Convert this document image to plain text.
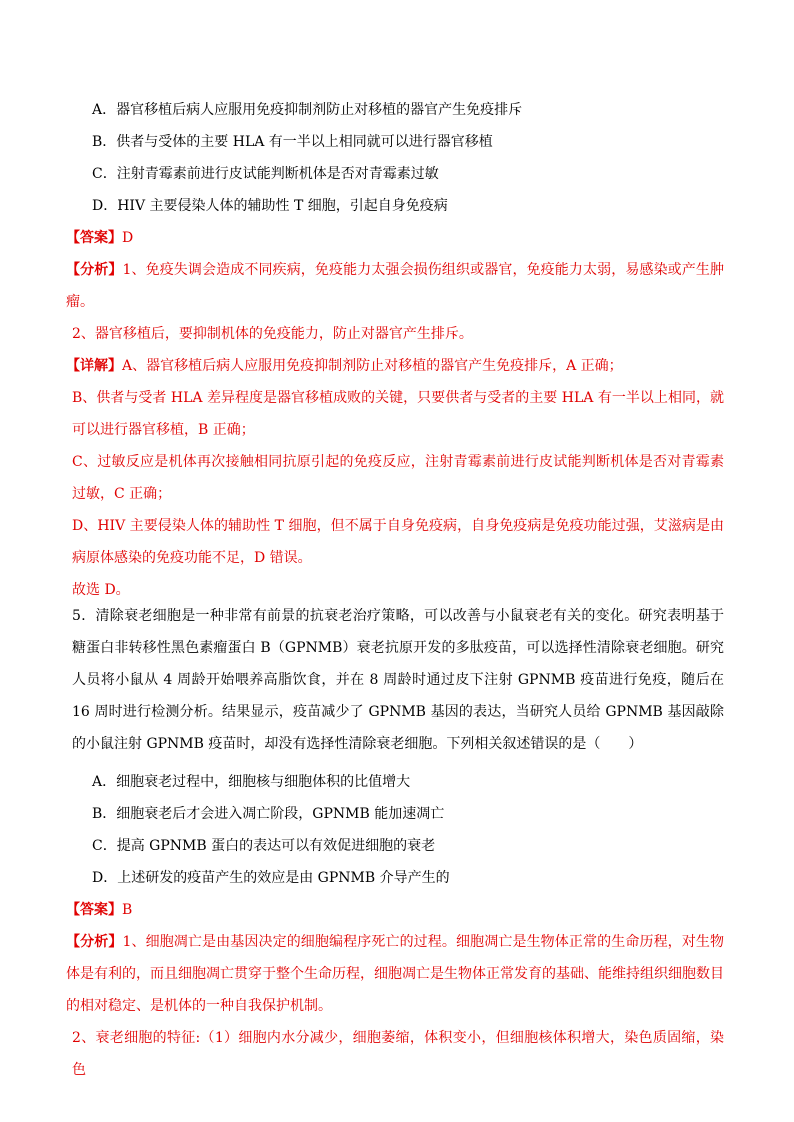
A．器官移植后病人应服用免疫抑制剂防止对移植的器官产生免疫排斥
B．供者与受体的主要 HLA 有一半以上相同就可以进行器官移植
C．注射青霉素前进行皮试能判断机体是否对青霉素过敏
D．HIV 主要侵染人体的辅助性 T 细胞，引起自身免疫病
【答案】D
【分析】1、免疫失调会造成不同疾病，免疫能力太强会损伤组织或器官，免疫能力太弱，易感染或产生肿瘤。
2、器官移植后，要抑制机体的免疫能力，防止对器官产生排斥。
【详解】A、器官移植后病人应服用免疫抑制剂防止对移植的器官产生免疫排斥，A 正确；
B、供者与受者 HLA 差异程度是器官移植成败的关键，只要供者与受者的主要 HLA 有一半以上相同，就可以进行器官移植，B 正确；
C、过敏反应是机体再次接触相同抗原引起的免疫反应，注射青霉素前进行皮试能判断机体是否对青霉素过敏，C 正确；
D、HIV 主要侵染人体的辅助性 T 细胞，但不属于自身免疫病，自身免疫病是免疫功能过强，艾滋病是由病原体感染的免疫功能不足，D 错误。
故选 D。
5．清除衰老细胞是一种非常有前景的抗衰老治疗策略，可以改善与小鼠衰老有关的变化。研究表明基于糖蛋白非转移性黑色素瘤蛋白 B（GPNMB）衰老抗原开发的多肽疫苗，可以选择性清除衰老细胞。研究人员将小鼠从 4 周龄开始喂养高脂饮食，并在 8 周龄时通过皮下注射 GPNMB 疫苗进行免疫，随后在 16 周时进行检测分析。结果显示，疫苗减少了 GPNMB 基因的表达，当研究人员给 GPNMB 基因敲除的小鼠注射 GPNMB 疫苗时，却没有选择性清除衰老细胞。下列相关叙述错误的是（　　）
A．细胞衰老过程中，细胞核与细胞体积的比值增大
B．细胞衰老后才会进入凋亡阶段，GPNMB 能加速凋亡
C．提高 GPNMB 蛋白的表达可以有效促进细胞的衰老
D．上述研发的疫苗产生的效应是由 GPNMB 介导产生的
【答案】B
【分析】1、细胞凋亡是由基因决定的细胞编程序死亡的过程。细胞凋亡是生物体正常的生命历程，对生物体是有利的，而且细胞凋亡贯穿于整个生命历程，细胞凋亡是生物体正常发育的基础、能维持组织细胞数目的相对稳定、是机体的一种自我保护机制。
2、衰老细胞的特征:（1）细胞内水分减少，细胞萎缩，体积变小，但细胞核体积增大，染色质固缩，染色
